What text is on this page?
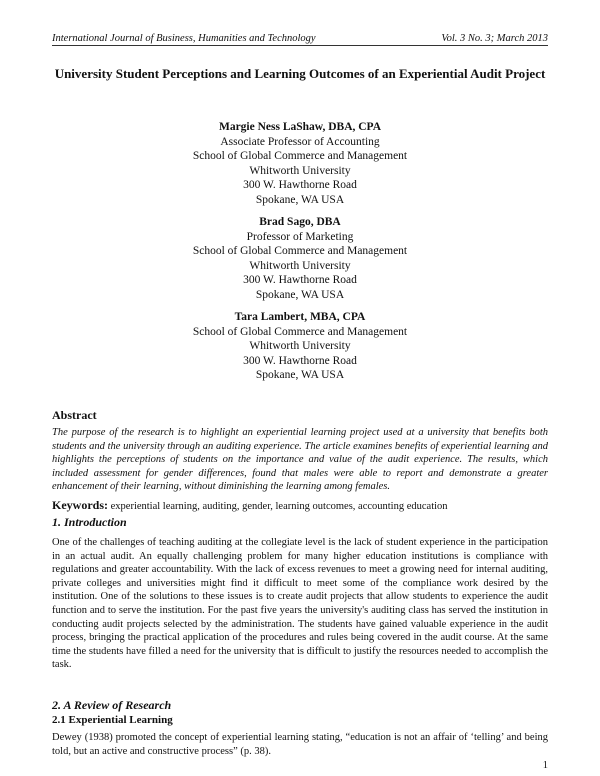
International Journal of Business, Humanities and Technology	Vol. 3 No. 3; March 2013
University Student Perceptions and Learning Outcomes of an Experiential Audit Project
Margie Ness LaShaw, DBA, CPA
Associate Professor of Accounting
School of Global Commerce and Management
Whitworth University
300 W. Hawthorne Road
Spokane, WA USA
Brad Sago, DBA
Professor of Marketing
School of Global Commerce and Management
Whitworth University
300 W. Hawthorne Road
Spokane, WA USA
Tara Lambert, MBA, CPA
School of Global Commerce and Management
Whitworth University
300 W. Hawthorne Road
Spokane, WA USA
Abstract
The purpose of the research is to highlight an experiential learning project used at a university that benefits both students and the university through an auditing experience. The article examines benefits of experiential learning and highlights the perceptions of students on the importance and value of the audit experience. The results, which included assessment for gender differences, found that males were able to report and demonstrate a greater enhancement of their learning, without diminishing the learning among females.
Keywords: experiential learning, auditing, gender, learning outcomes, accounting education
1. Introduction
One of the challenges of teaching auditing at the collegiate level is the lack of student experience in the participation in an actual audit. An equally challenging problem for many higher education institutions is compliance with regulations and greater accountability. With the lack of excess revenues to meet a growing need for internal auditing, private colleges and universities might find it difficult to meet some of the compliance work desired by the institution. One of the solutions to these issues is to create audit projects that allow students to experience the audit function and to serve the institution. For the past five years the university's auditing class has served the institution in conducting audit projects selected by the administration. The students have gained valuable experience in the audit process, bringing the practical application of the procedures and rules being covered in the audit course. At the same time the students have filled a need for the university that is difficult to justify the resources needed to accomplish the task.
2. A Review of Research
2.1 Experiential Learning
Dewey (1938) promoted the concept of experiential learning stating, “education is not an affair of ‘telling’ and being told, but an active and constructive process” (p. 38).
1
